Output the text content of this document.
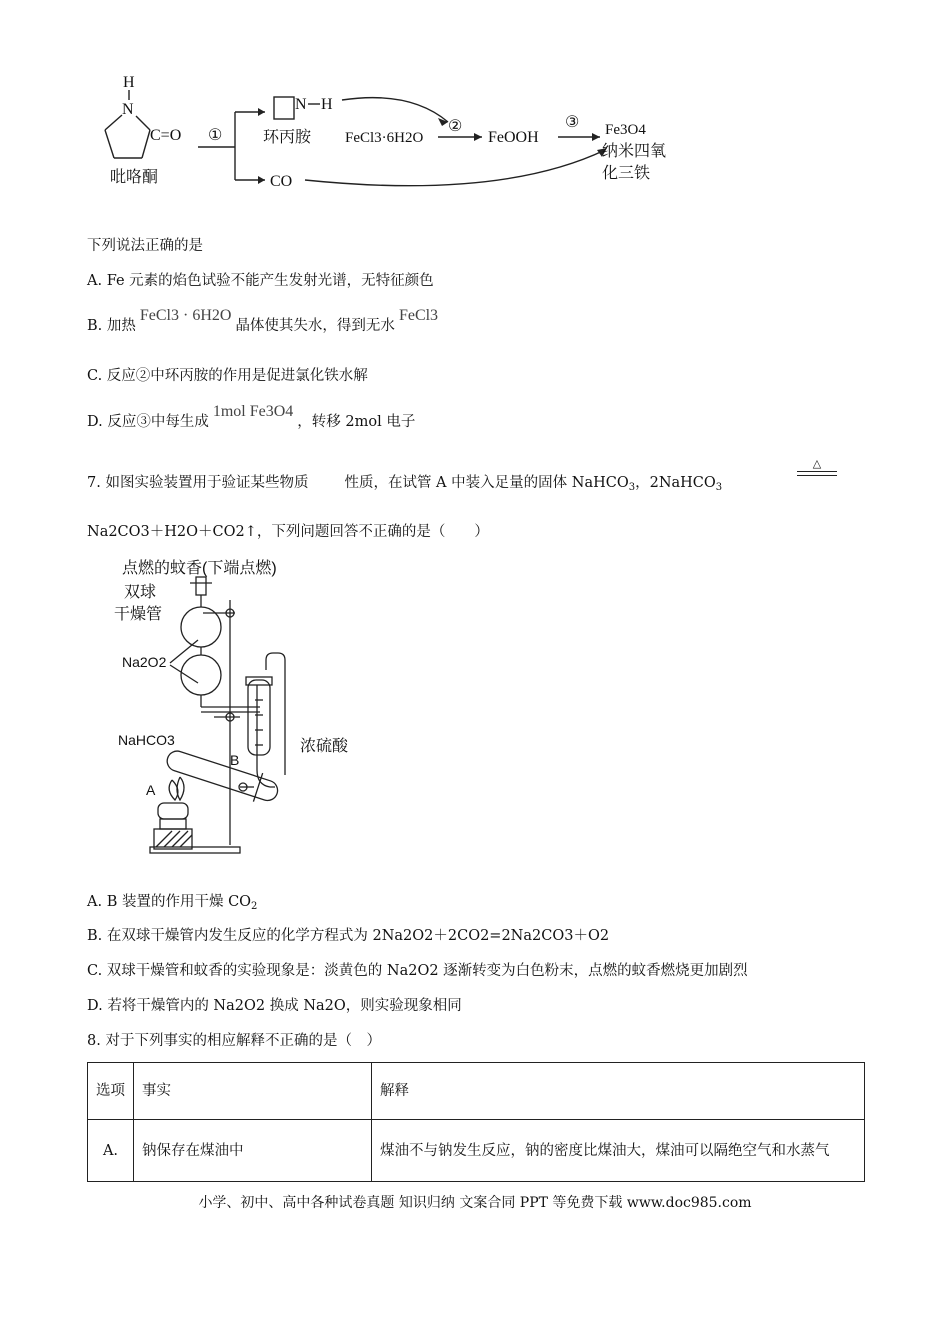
H
N
C=O ①
N H
②
FeOOH
③
CO
吡咯酮
环丙胺
纳米四氧
化三铁
FeCl3·6H2O	Fe3O4
下列说法正确的是
A. Fe 元素的焰色试验不能产生发射光谱，无特征颜色
B. 加热FeCl3 · 6H2O晶体使其失水，得到无水FeCl3
C. 反应②中环丙胺的作用是促进氯化铁水解
D. 反应③中每生成1mol Fe3O4，转移 2mol 电子
7. 如图实验装置用于验证某些物质 性质，在试管 A 中装入足量的固体 NaHCO$_3$，2NaHCO$_3$
△
Na2CO3＋H2O＋CO2↑，下列问题回答不正确的是（　　）
点燃的蚊香(下端点燃)
双球
干燥管
浓硫酸
Na2O2
NaHCO3
B
A
A. B 装置的作用干燥 $CO_2$
B. 在双球干燥管内发生反应的化学方程式为 2Na2O2＋2CO2=2Na2CO3＋O2
C. 双球干燥管和蚊香的实验现象是：淡黄色的 Na2O2 逐渐转变为白色粉末，点燃的蚊香燃烧更加剧烈
D. 若将干燥管内的 Na2O2 换成 Na2O，则实验现象相同
8. 对于下列事实的相应解释不正确的是（　）
选项	事实	解释
A.	钠保存在煤油中	煤油不与钠发生反应，钠的密度比煤油大，煤油可以隔绝空气和水蒸气
小学、初中、高中各种试卷真题 知识归纳 文案合同 PPT 等免费下载 www.doc985.com
